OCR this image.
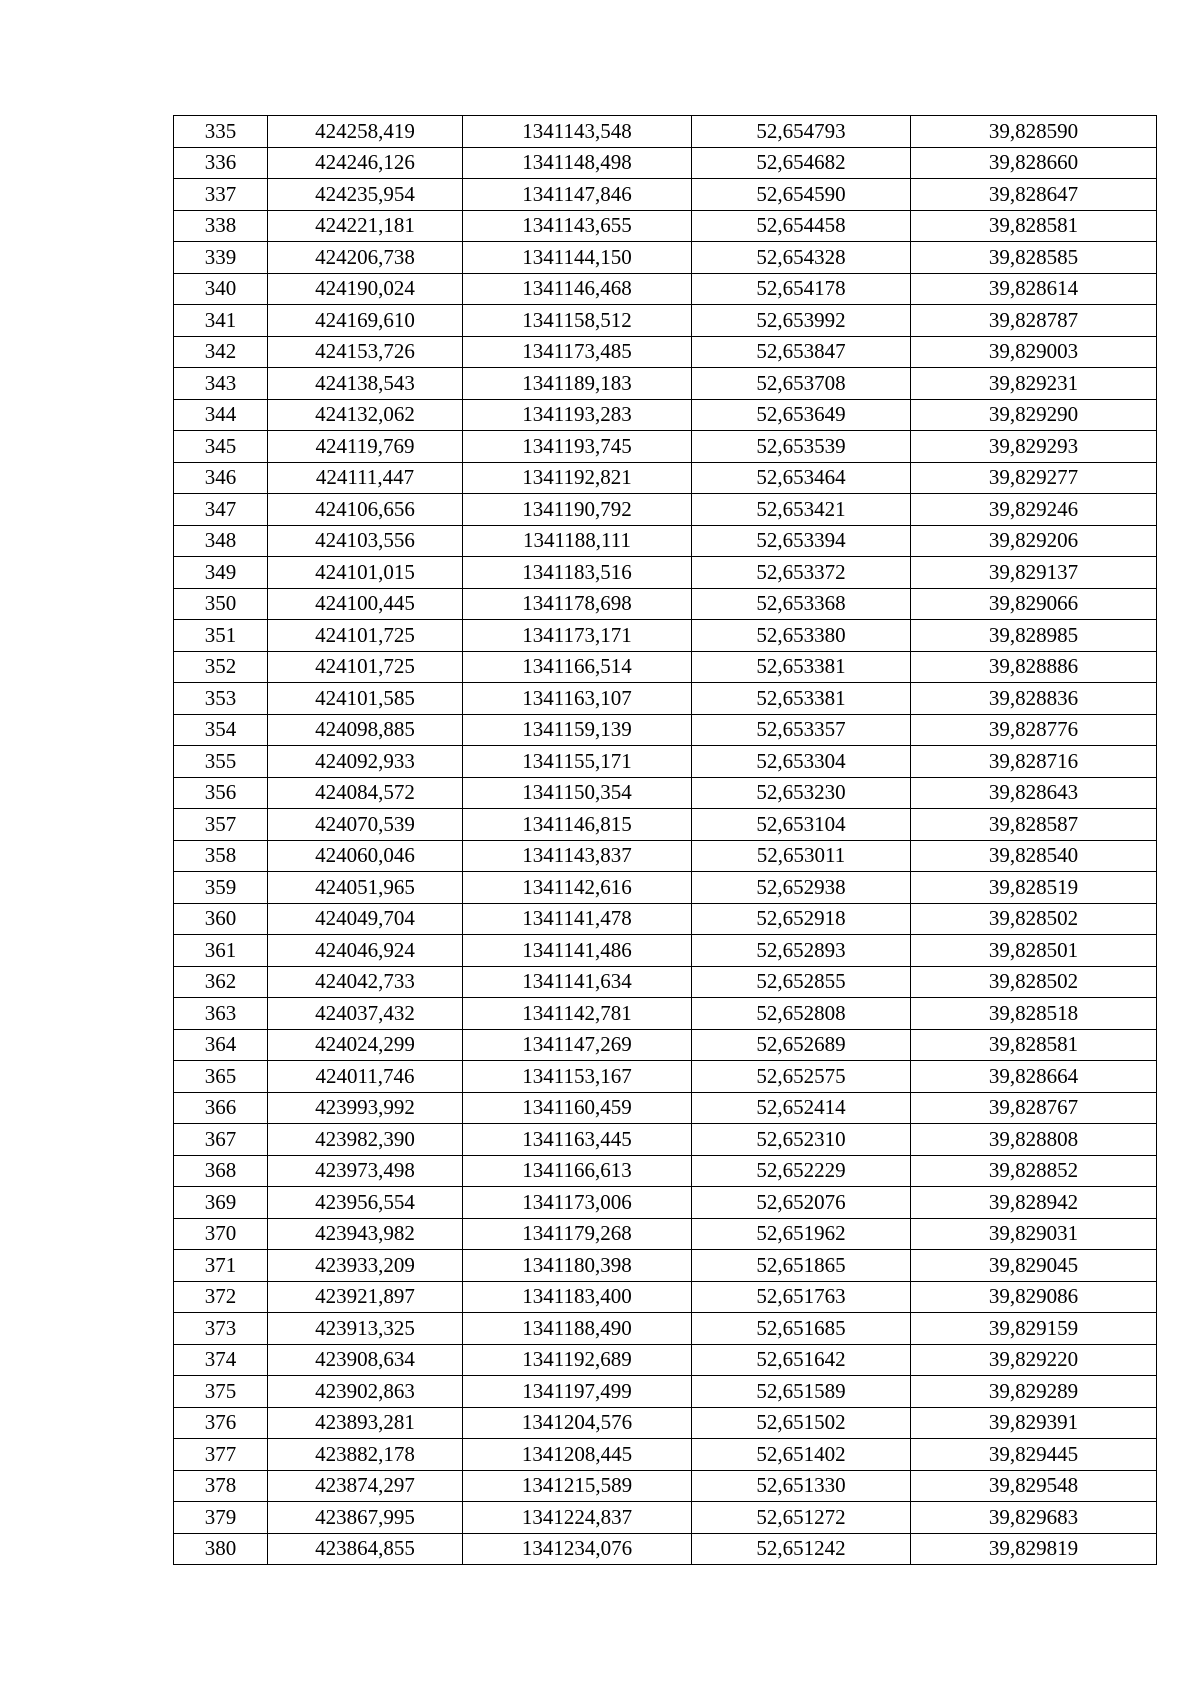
335	424258,419	1341143,548	52,654793	39,828590
336	424246,126	1341148,498	52,654682	39,828660
337	424235,954	1341147,846	52,654590	39,828647
338	424221,181	1341143,655	52,654458	39,828581
339	424206,738	1341144,150	52,654328	39,828585
340	424190,024	1341146,468	52,654178	39,828614
341	424169,610	1341158,512	52,653992	39,828787
342	424153,726	1341173,485	52,653847	39,829003
343	424138,543	1341189,183	52,653708	39,829231
344	424132,062	1341193,283	52,653649	39,829290
345	424119,769	1341193,745	52,653539	39,829293
346	424111,447	1341192,821	52,653464	39,829277
347	424106,656	1341190,792	52,653421	39,829246
348	424103,556	1341188,111	52,653394	39,829206
349	424101,015	1341183,516	52,653372	39,829137
350	424100,445	1341178,698	52,653368	39,829066
351	424101,725	1341173,171	52,653380	39,828985
352	424101,725	1341166,514	52,653381	39,828886
353	424101,585	1341163,107	52,653381	39,828836
354	424098,885	1341159,139	52,653357	39,828776
355	424092,933	1341155,171	52,653304	39,828716
356	424084,572	1341150,354	52,653230	39,828643
357	424070,539	1341146,815	52,653104	39,828587
358	424060,046	1341143,837	52,653011	39,828540
359	424051,965	1341142,616	52,652938	39,828519
360	424049,704	1341141,478	52,652918	39,828502
361	424046,924	1341141,486	52,652893	39,828501
362	424042,733	1341141,634	52,652855	39,828502
363	424037,432	1341142,781	52,652808	39,828518
364	424024,299	1341147,269	52,652689	39,828581
365	424011,746	1341153,167	52,652575	39,828664
366	423993,992	1341160,459	52,652414	39,828767
367	423982,390	1341163,445	52,652310	39,828808
368	423973,498	1341166,613	52,652229	39,828852
369	423956,554	1341173,006	52,652076	39,828942
370	423943,982	1341179,268	52,651962	39,829031
371	423933,209	1341180,398	52,651865	39,829045
372	423921,897	1341183,400	52,651763	39,829086
373	423913,325	1341188,490	52,651685	39,829159
374	423908,634	1341192,689	52,651642	39,829220
375	423902,863	1341197,499	52,651589	39,829289
376	423893,281	1341204,576	52,651502	39,829391
377	423882,178	1341208,445	52,651402	39,829445
378	423874,297	1341215,589	52,651330	39,829548
379	423867,995	1341224,837	52,651272	39,829683
380	423864,855	1341234,076	52,651242	39,829819
